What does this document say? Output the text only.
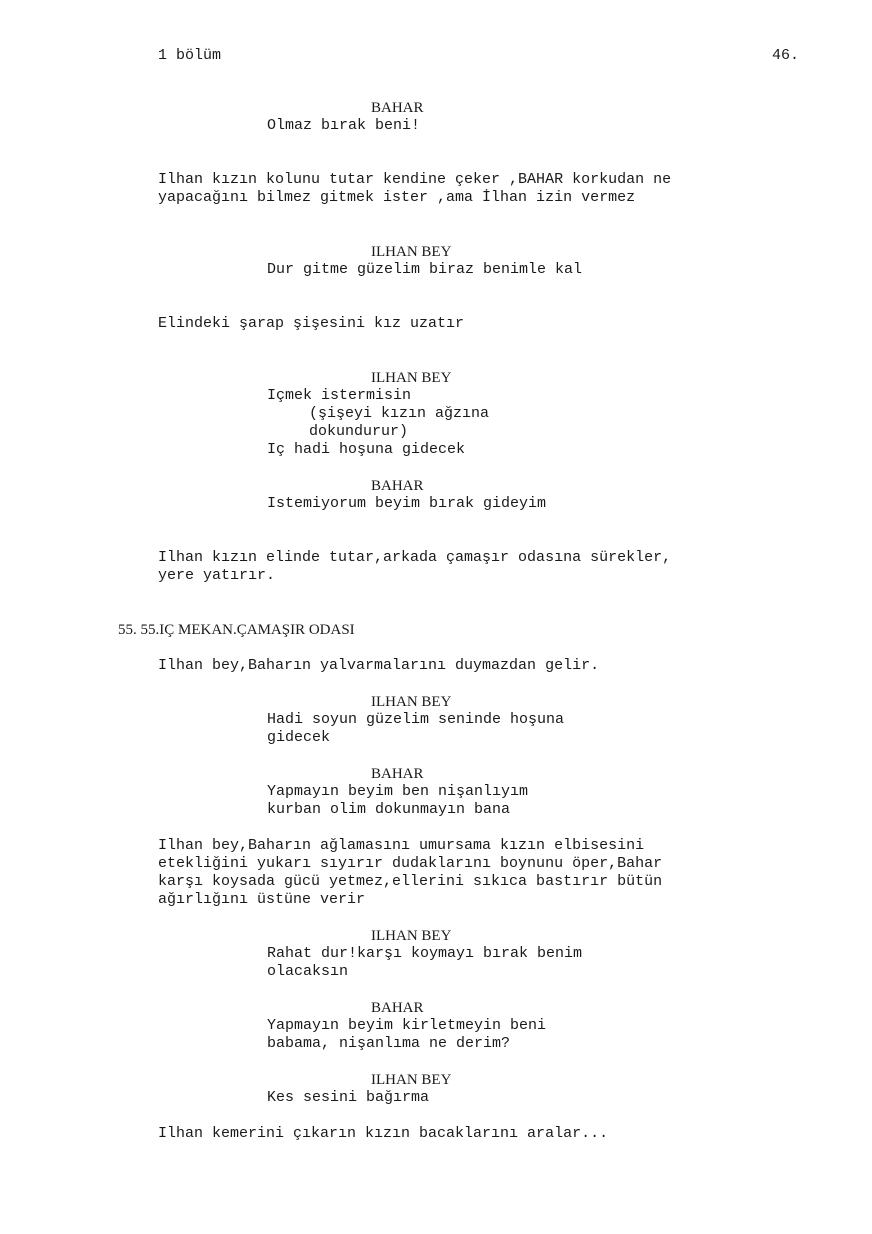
1 bölüm	46.
BAHAR
Olmaz bırak beni!
Ilhan kızın kolunu tutar kendine çeker ,BAHAR korkudan ne
yapacağını bilmez gitmek ister ,ama İlhan izin vermez
ILHAN BEY
Dur gitme güzelim biraz benimle kal
Elindeki şarap şişesini kız uzatır
ILHAN BEY
Içmek istermisin
(şişeyi kızın ağzına
dokundurur)
Iç hadi hoşuna gidecek
BAHAR
Istemiyorum beyim bırak gideyim
Ilhan kızın elinde tutar,arkada çamaşır odasına sürekler,
yere yatırır.
55. 55.IÇ MEKAN.ÇAMAŞIR ODASI
Ilhan bey,Baharın yalvarmalarını duymazdan gelir.
ILHAN BEY
Hadi soyun güzelim seninde hoşuna
gidecek
BAHAR
Yapmayın beyim ben nişanlıyım
kurban olim dokunmayın bana
Ilhan bey,Baharın ağlamasını umursama kızın elbisesini
etekliğini yukarı sıyırır dudaklarını boynunu öper,Bahar
karşı koysada gücü yetmez,ellerini sıkıca bastırır bütün
ağırlığını üstüne verir
ILHAN BEY
Rahat dur!karşı koymayı bırak benim
olacaksın
BAHAR
Yapmayın beyim kirletmeyin beni
babama, nişanlıma ne derim?
ILHAN BEY
Kes sesini bağırma
Ilhan kemerini çıkarın kızın bacaklarını aralar...
